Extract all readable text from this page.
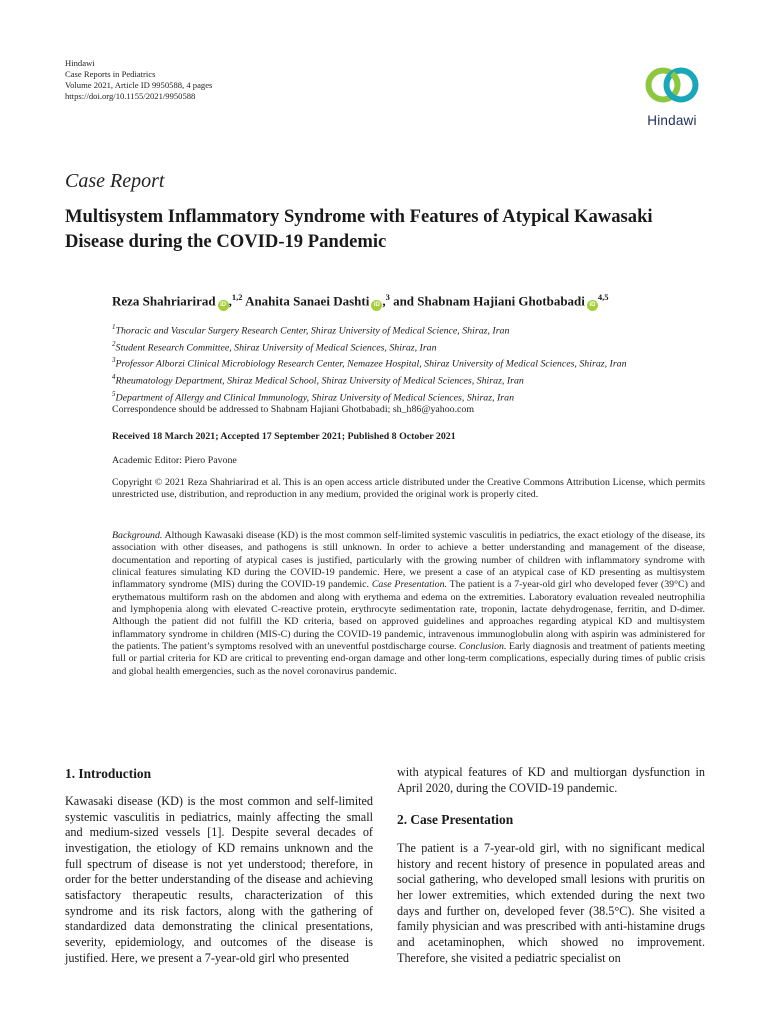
Hindawi
Case Reports in Pediatrics
Volume 2021, Article ID 9950588, 4 pages
https://doi.org/10.1155/2021/9950588
Hindawi
Case Report
Multisystem Inflammatory Syndrome with Features of Atypical Kawasaki Disease during the COVID-19 Pandemic
Reza Shahriarirad iD ,$^{1,2}$ Anahita Sanaei Dashti iD ,$^3$ and Shabnam Hajiani Ghotbabadi iD$^{4,5}$
$^1$Thoracic and Vascular Surgery Research Center, Shiraz University of Medical Science, Shiraz, Iran
$^2$Student Research Committee, Shiraz University of Medical Sciences, Shiraz, Iran
$^3$Professor Alborzi Clinical Microbiology Research Center, Nemazee Hospital, Shiraz University of Medical Sciences, Shiraz, Iran
$^4$Rheumatology Department, Shiraz Medical School, Shiraz University of Medical Sciences, Shiraz, Iran
$^5$Department of Allergy and Clinical Immunology, Shiraz University of Medical Sciences, Shiraz, Iran
Correspondence should be addressed to Shabnam Hajiani Ghotbabadi; sh_h86@yahoo.com
Received 18 March 2021; Accepted 17 September 2021; Published 8 October 2021
Academic Editor: Piero Pavone
Copyright © 2021 Reza Shahriarirad et al. This is an open access article distributed under the Creative Commons Attribution License, which permits unrestricted use, distribution, and reproduction in any medium, provided the original work is properly cited.
Background. Although Kawasaki disease (KD) is the most common self-limited systemic vasculitis in pediatrics, the exact etiology of the disease, its association with other diseases, and pathogens is still unknown. In order to achieve a better understanding and management of the disease, documentation and reporting of atypical cases is justified, particularly with the growing number of children with inflammatory syndrome with clinical features simulating KD during the COVID-19 pandemic. Here, we present a case of an atypical case of KD presenting as multisystem inflammatory syndrome (MIS) during the COVID-19 pandemic. Case Presentation. The patient is a 7-year-old girl who developed fever (39°C) and erythematous multiform rash on the abdomen and along with erythema and edema on the extremities. Laboratory evaluation revealed neutrophilia and lymphopenia along with elevated C-reactive protein, erythrocyte sedimentation rate, troponin, lactate dehydrogenase, ferritin, and D-dimer. Although the patient did not fulfill the KD criteria, based on approved guidelines and approaches regarding atypical KD and multisystem inflammatory syndrome in children (MIS-C) during the COVID-19 pandemic, intravenous immunoglobulin along with aspirin was administered for the patients. The patient’s symptoms resolved with an uneventful postdischarge course. Conclusion. Early diagnosis and treatment of patients meeting full or partial criteria for KD are critical to preventing end-organ damage and other long-term complications, especially during times of public crisis and global health emergencies, such as the novel coronavirus pandemic.
1. Introduction
Kawasaki disease (KD) is the most common and self-limited systemic vasculitis in pediatrics, mainly affecting the small and medium-sized vessels [1]. Despite several decades of investigation, the etiology of KD remains unknown and the full spectrum of disease is not yet understood; therefore, in order for the better understanding of the disease and achieving satisfactory therapeutic results, characterization of this syndrome and its risk factors, along with the gathering of standardized data demonstrating the clinical presentations, severity, epidemiology, and outcomes of the disease is justified. Here, we present a 7-year-old girl who presented
with atypical features of KD and multiorgan dysfunction in April 2020, during the COVID-19 pandemic.
2. Case Presentation
The patient is a 7-year-old girl, with no significant medical history and recent history of presence in populated areas and social gathering, who developed small lesions with pruritis on her lower extremities, which extended during the next two days and further on, developed fever (38.5°C). She visited a family physician and was prescribed with anti-histamine drugs and acetaminophen, which showed no improvement. Therefore, she visited a pediatric specialist on
